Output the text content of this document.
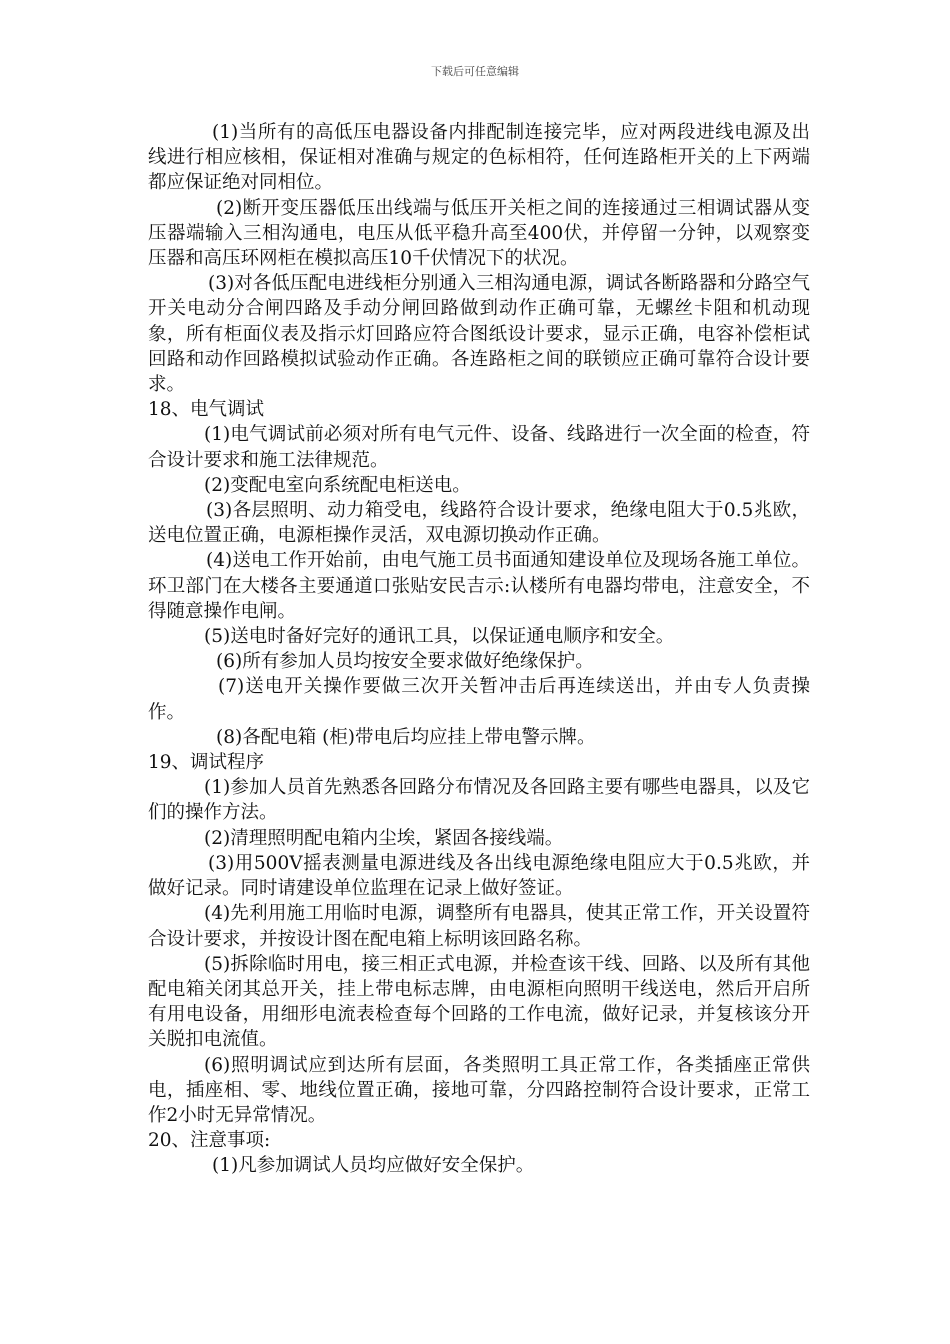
下载后可任意编辑

(1)当所有的高低压电器设备内排配制连接完毕，应对两段进线电源及出线进行相应核相，保证相对准确与规定的色标相符，任何连路柜开关的上下两端都应保证绝对同相位。

(2)断开变压器低压出线端与低压开关柜之间的连接通过三相调试器从变压器端输入三相沟通电，电压从低平稳升高至400伏，并停留一分钟，以观察变压器和高压环网柜在模拟高压10千伏情况下的状况。

(3)对各低压配电进线柜分别通入三相沟通电源，调试各断路器和分路空气开关电动分合闸四路及手动分闸回路做到动作正确可靠，无螺丝卡阻和机动现象，所有柜面仪表及指示灯回路应符合图纸设计要求，显示正确，电容补偿柜试回路和动作回路模拟试验动作正确。各连路柜之间的联锁应正确可靠符合设计要求。

18、电气调试

(1)电气调试前必须对所有电气元件、设备、线路进行一次全面的检查，符合设计要求和施工法律规范。

(2)变配电室向系统配电柜送电。

(3)各层照明、动力箱受电，线路符合设计要求，绝缘电阻大于0.5兆欧，送电位置正确，电源柜操作灵活，双电源切换动作正确。

(4)送电工作开始前，由电气施工员书面通知建设单位及现场各施工单位。环卫部门在大楼各主要通道口张贴安民吉示:认楼所有电器均带电，注意安全，不得随意操作电闸。

(5)送电时备好完好的通讯工具，以保证通电顺序和安全。

(6)所有参加人员均按安全要求做好绝缘保护。

(7)送电开关操作要做三次开关暂冲击后再连续送出，并由专人负责操作。

(8)各配电箱 (柜)带电后均应挂上带电警示牌。

19、调试程序

(1)参加人员首先熟悉各回路分布情况及各回路主要有哪些电器具，以及它们的操作方法。

(2)清理照明配电箱内尘埃，紧固各接线端。

(3)用500V摇表测量电源进线及各出线电源绝缘电阻应大于0.5兆欧，并做好记录。同时请建设单位监理在记录上做好签证。

(4)先利用施工用临时电源，调整所有电器具，使其正常工作，开关设置符合设计要求，并按设计图在配电箱上标明该回路名称。

(5)拆除临时用电，接三相正式电源，并检查该干线、回路、以及所有其他配电箱关闭其总开关，挂上带电标志牌，由电源柜向照明干线送电，然后开启所有用电设备，用细形电流表检查每个回路的工作电流，做好记录，并复核该分开关脱扣电流值。

(6)照明调试应到达所有层面，各类照明工具正常工作，各类插座正常供电，插座相、零、地线位置正确，接地可靠，分四路控制符合设计要求，正常工作2小时无异常情况。

20、注意事项:

(1)凡参加调试人员均应做好安全保护。
